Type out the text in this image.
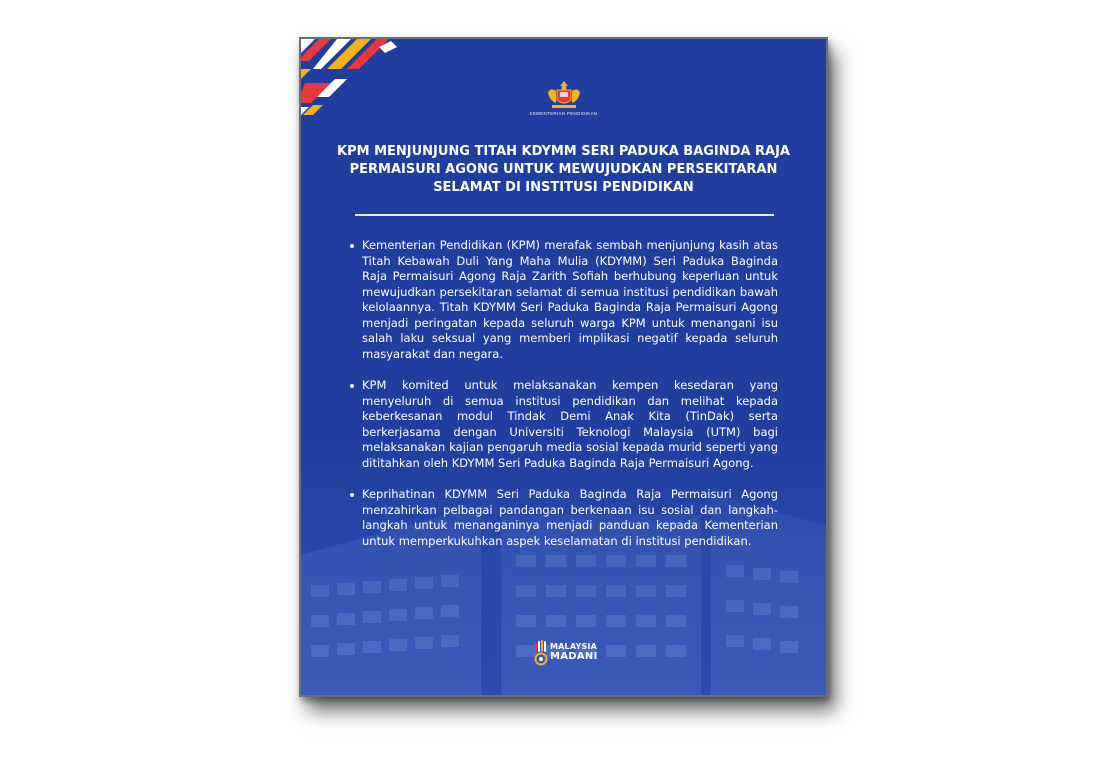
KEMENTERIAN PENDIDIKAN
KPM MENJUNJUNG TITAH KDYMM SERI PADUKA BAGINDA RAJA PERMAISURI AGONG UNTUK MEWUJUDKAN PERSEKITARAN SELAMAT DI INSTITUSI PENDIDIKAN
Kementerian Pendidikan (KPM) merafak sembah menjunjung kasih atas Titah Kebawah Duli Yang Maha Mulia (KDYMM) Seri Paduka Baginda Raja Permaisuri Agong Raja Zarith Sofiah berhubung keperluan untuk mewujudkan persekitaran selamat di semua institusi pendidikan bawah kelolaannya. Titah KDYMM Seri Paduka Baginda Raja Permaisuri Agong menjadi peringatan kepada seluruh warga KPM untuk menangani isu salah laku seksual yang memberi implikasi negatif kepada seluruh masyarakat dan negara.
KPM komited untuk melaksanakan kempen kesedaran yang menyeluruh di semua institusi pendidikan dan melihat kepada keberkesanan modul Tindak Demi Anak Kita (TinDak) serta berkerjasama dengan Universiti Teknologi Malaysia (UTM) bagi melaksanakan kajian pengaruh media sosial kepada murid seperti yang dititahkan oleh KDYMM Seri Paduka Baginda Raja Permaisuri Agong.
Keprihatinan KDYMM Seri Paduka Baginda Raja Permaisuri Agong menzahirkan pelbagai pandangan berkenaan isu sosial dan langkah-langkah untuk menanganinya menjadi panduan kepada Kementerian untuk memperkukuhkan aspek keselamatan di institusi pendidikan.
MALAYSIA
MADANI
